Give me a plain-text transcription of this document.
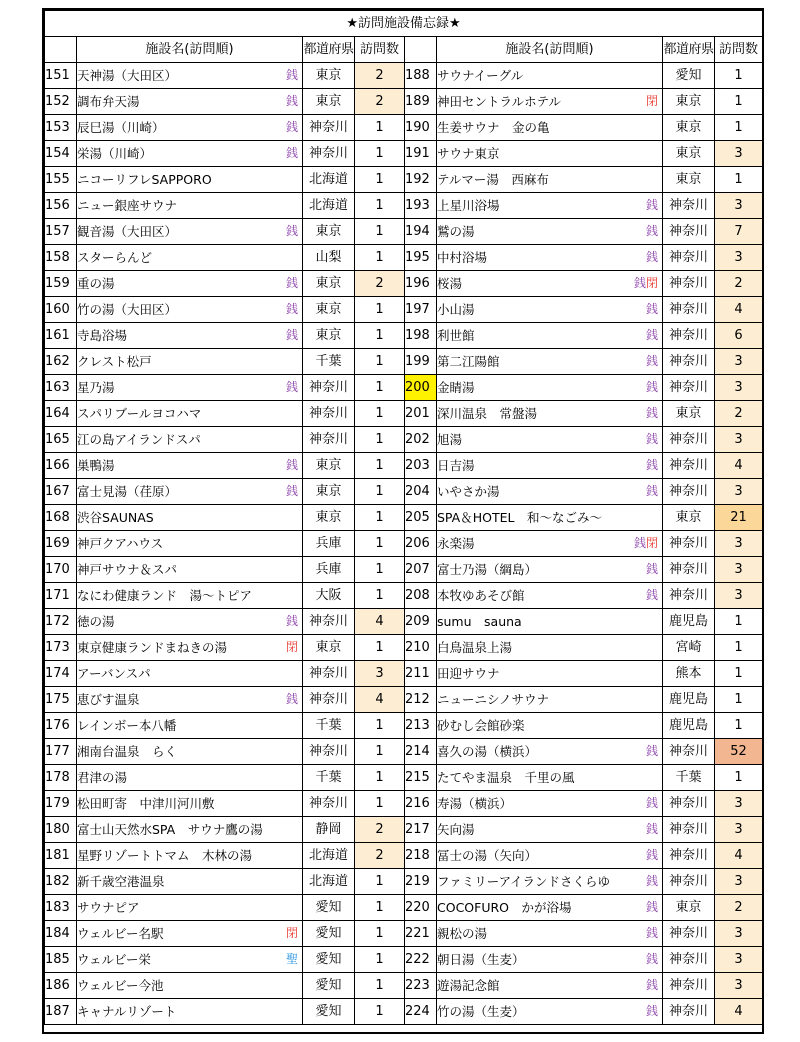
★訪問施設備忘録★							
	施設名(訪問順)	都道府県	訪問数		施設名(訪問順)	都道府県	訪問数
151	天神湯（大田区） 銭	東京	2	188	サウナイーグル	愛知	1
152	調布弁天湯 銭	東京	2	189	神田セントラルホテル 閉	東京	1
153	辰巳湯（川崎） 銭	神奈川	1	190	生姜サウナ　金の亀	東京	1
154	栄湯（川崎） 銭	神奈川	1	191	サウナ東京	東京	3
155	ニコーリフレSAPPORO	北海道	1	192	テルマー湯　西麻布	東京	1
156	ニュー銀座サウナ	北海道	1	193	上星川浴場 銭	神奈川	3
157	観音湯（大田区） 銭	東京	1	194	鷲の湯 銭	神奈川	7
158	スターらんど	山梨	1	195	中村浴場 銭	神奈川	3
159	重の湯 銭	東京	2	196	桜湯 銭閉	神奈川	2
160	竹の湯（大田区） 銭	東京	1	197	小山湯 銭	神奈川	4
161	寺島浴場 銭	東京	1	198	利世館 銭	神奈川	6
162	クレスト松戸	千葉	1	199	第二江陽館 銭	神奈川	3
163	星乃湯 銭	神奈川	1	200	金睛湯 銭	神奈川	3
164	スパリブールヨコハマ	神奈川	1	201	深川温泉　常盤湯 銭	東京	2
165	江の島アイランドスパ	神奈川	1	202	旭湯 銭	神奈川	3
166	巣鴨湯 銭	東京	1	203	日吉湯 銭	神奈川	4
167	富士見湯（荏原） 銭	東京	1	204	いやさか湯 銭	神奈川	3
168	渋谷SAUNAS	東京	1	205	SPA＆HOTEL　和～なごみ～	東京	21
169	神戸クアハウス	兵庫	1	206	永楽湯 銭閉	神奈川	3
170	神戸サウナ＆スパ	兵庫	1	207	富士乃湯（綱島） 銭	神奈川	3
171	なにわ健康ランド　湯～トピア	大阪	1	208	本牧ゆあそび館 銭	神奈川	3
172	徳の湯 銭	神奈川	4	209	sumu　sauna	鹿児島	1
173	東京健康ランドまねきの湯 閉	東京	1	210	白鳥温泉上湯	宮崎	1
174	アーバンスパ	神奈川	3	211	田迎サウナ	熊本	1
175	恵びす温泉 銭	神奈川	4	212	ニューニシノサウナ	鹿児島	1
176	レインボー本八幡	千葉	1	213	砂むし会館砂楽	鹿児島	1
177	湘南台温泉　らく	神奈川	1	214	喜久の湯（横浜） 銭	神奈川	52
178	君津の湯	千葉	1	215	たてやま温泉　千里の風	千葉	1
179	松田町寄　中津川河川敷	神奈川	1	216	寿湯（横浜） 銭	神奈川	3
180	富士山天然水SPA　サウナ鷹の湯	静岡	2	217	矢向湯 銭	神奈川	3
181	星野リゾートトマム　木林の湯	北海道	2	218	冨士の湯（矢向） 銭	神奈川	4
182	新千歳空港温泉	北海道	1	219	ファミリーアイランドさくらゆ 銭	神奈川	3
183	サウナピア	愛知	1	220	COCOFURO　かが浴場 銭	東京	2
184	ウェルビー名駅 閉	愛知	1	221	親松の湯 銭	神奈川	3
185	ウェルビー栄 聖	愛知	1	222	朝日湯（生麦） 銭	神奈川	3
186	ウェルビー今池	愛知	1	223	遊湯記念館 銭	神奈川	3
187	キャナルリゾート	愛知	1	224	竹の湯（生麦） 銭	神奈川	4
